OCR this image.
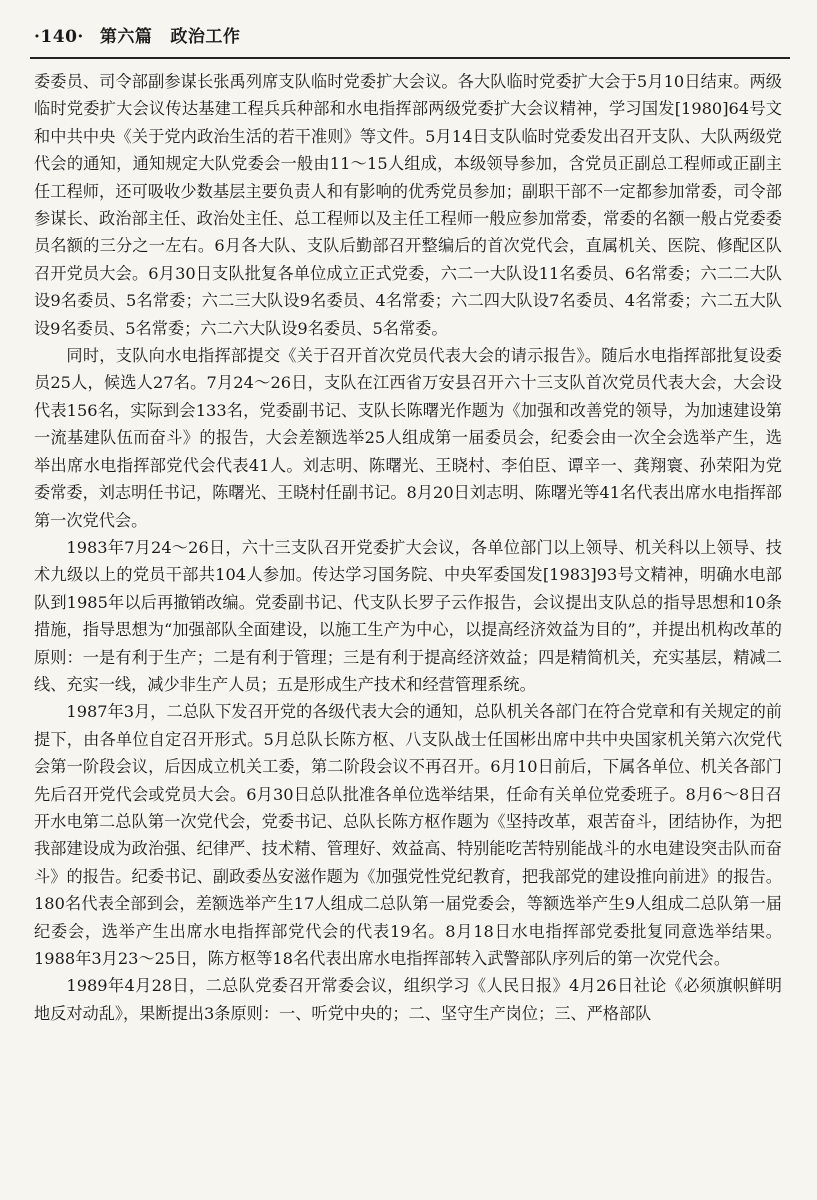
·140· 第六篇 政治工作

委委员、司令部副参谋长张禹列席支队临时党委扩大会议。各大队临时党委扩大会于5月10日结束。两级临时党委扩大会议传达基建工程兵兵种部和水电指挥部两级党委扩大会议精神，学习国发[1980]64号文和中共中央《关于党内政治生活的若干准则》等文件。5月14日支队临时党委发出召开支队、大队两级党代会的通知，通知规定大队党委会一般由11～15人组成，本级领导参加，含党员正副总工程师或正副主任工程师，还可吸收少数基层主要负责人和有影响的优秀党员参加；副职干部不一定都参加常委，司令部参谋长、政治部主任、政治处主任、总工程师以及主任工程师一般应参加常委，常委的名额一般占党委委员名额的三分之一左右。6月各大队、支队后勤部召开整编后的首次党代会，直属机关、医院、修配区队召开党员大会。6月30日支队批复各单位成立正式党委，六二一大队设11名委员、6名常委；六二二大队设9名委员、5名常委；六二三大队设9名委员、4名常委；六二四大队设7名委员、4名常委；六二五大队设9名委员、5名常委；六二六大队设9名委员、5名常委。

同时，支队向水电指挥部提交《关于召开首次党员代表大会的请示报告》。随后水电指挥部批复设委员25人，候选人27名。7月24～26日，支队在江西省万安县召开六十三支队首次党员代表大会，大会设代表156名，实际到会133名，党委副书记、支队长陈曙光作题为《加强和改善党的领导，为加速建设第一流基建队伍而奋斗》的报告，大会差额选举25人组成第一届委员会，纪委会由一次全会选举产生，选举出席水电指挥部党代会代表41人。刘志明、陈曙光、王晓村、李伯臣、谭辛一、龚翔寰、孙荣阳为党委常委，刘志明任书记，陈曙光、王晓村任副书记。8月20日刘志明、陈曙光等41名代表出席水电指挥部第一次党代会。

1983年7月24～26日，六十三支队召开党委扩大会议，各单位部门以上领导、机关科以上领导、技术九级以上的党员干部共104人参加。传达学习国务院、中央军委国发[1983]93号文精神，明确水电部队到1985年以后再撤销改编。党委副书记、代支队长罗子云作报告，会议提出支队总的指导思想和10条措施，指导思想为“加强部队全面建设，以施工生产为中心，以提高经济效益为目的”，并提出机构改革的原则：一是有利于生产；二是有利于管理；三是有利于提高经济效益；四是精简机关，充实基层，精减二线、充实一线，减少非生产人员；五是形成生产技术和经营管理系统。

1987年3月，二总队下发召开党的各级代表大会的通知，总队机关各部门在符合党章和有关规定的前提下，由各单位自定召开形式。5月总队长陈方枢、八支队战士任国彬出席中共中央国家机关第六次党代会第一阶段会议，后因成立机关工委，第二阶段会议不再召开。6月10日前后，下属各单位、机关各部门先后召开党代会或党员大会。6月30日总队批准各单位选举结果，任命有关单位党委班子。8月6～8日召开水电第二总队第一次党代会，党委书记、总队长陈方枢作题为《坚持改革，艰苦奋斗，团结协作，为把我部建设成为政治强、纪律严、技术精、管理好、效益高、特别能吃苦特别能战斗的水电建设突击队而奋斗》的报告。纪委书记、副政委丛安滋作题为《加强党性党纪教育，把我部党的建设推向前进》的报告。180名代表全部到会，差额选举产生17人组成二总队第一届党委会，等额选举产生9人组成二总队第一届纪委会，选举产生出席水电指挥部党代会的代表19名。8月18日水电指挥部党委批复同意选举结果。1988年3月23～25日，陈方枢等18名代表出席水电指挥部转入武警部队序列后的第一次党代会。

1989年4月28日，二总队党委召开常委会议，组织学习《人民日报》4月26日社论《必须旗帜鲜明地反对动乱》，果断提出3条原则：一、听党中央的；二、坚守生产岗位；三、严格部队
